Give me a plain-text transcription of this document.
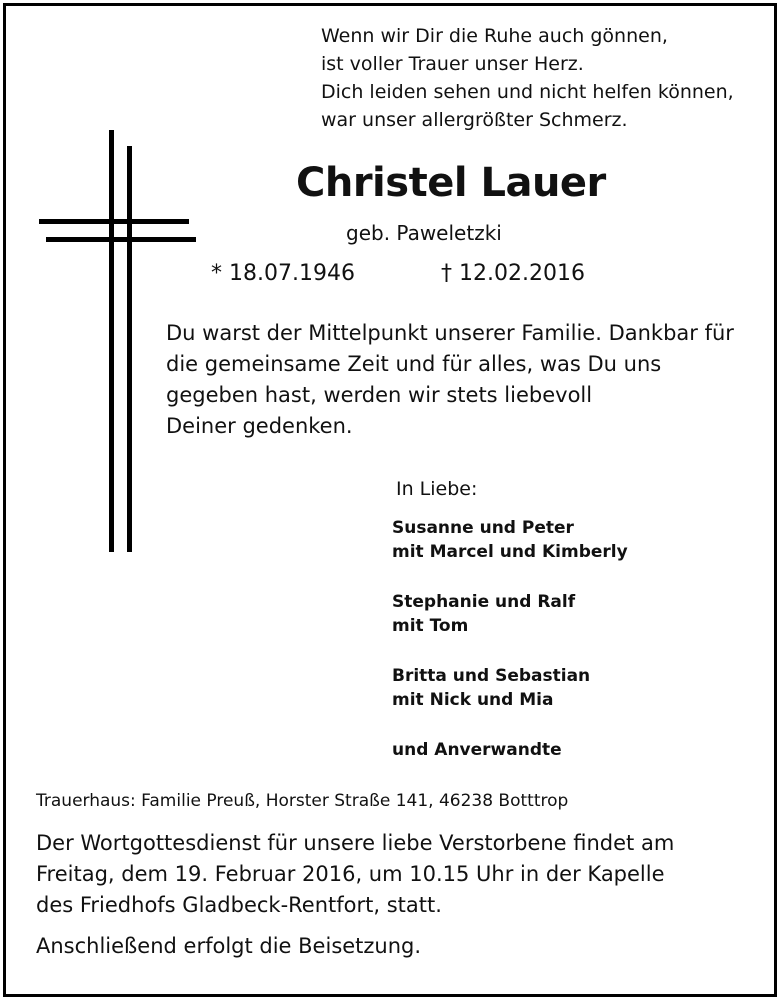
Wenn wir Dir die Ruhe auch gönnen,
ist voller Trauer unser Herz.
Dich leiden sehen und nicht helfen können,
war unser allergrößter Schmerz.
Christel Lauer
geb. Paweletzki
* 18.07.1946	† 12.02.2016
Du warst der Mittelpunkt unserer Familie. Dankbar für
die gemeinsame Zeit und für alles, was Du uns
gegeben hast, werden wir stets liebevoll
Deiner gedenken.
In Liebe:
Susanne und Peter
mit Marcel und Kimberly
Stephanie und Ralf
mit Tom
Britta und Sebastian
mit Nick und Mia
und Anverwandte
Trauerhaus: Familie Preuß, Horster Straße 141, 46238 Botttrop
Der Wortgottesdienst für unsere liebe Verstorbene findet am
Freitag, dem 19. Februar 2016, um 10.15 Uhr in der Kapelle
des Friedhofs Gladbeck-Rentfort, statt.
Anschließend erfolgt die Beisetzung.
